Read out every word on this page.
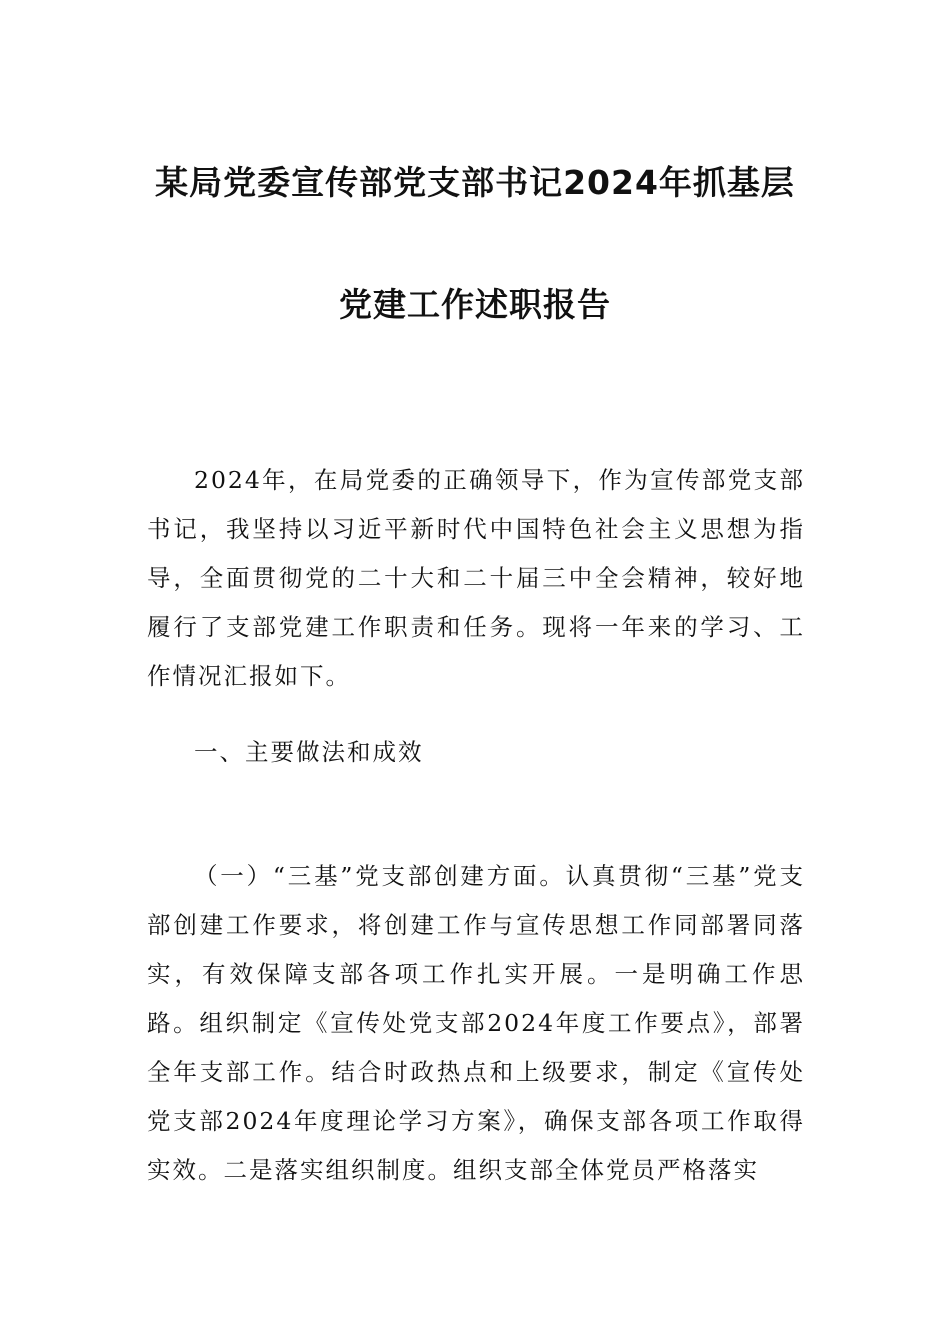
某局党委宣传部党支部书记2024年抓基层
党建工作述职报告

2024年，在局党委的正确领导下，作为宣传部党支部书记，我坚持以习近平新时代中国特色社会主义思想为指导，全面贯彻党的二十大和二十届三中全会精神，较好地履行了支部党建工作职责和任务。现将一年来的学习、工作情况汇报如下。

一、主要做法和成效

（一）“三基”党支部创建方面。认真贯彻“三基”党支部创建工作要求，将创建工作与宣传思想工作同部署同落实，有效保障支部各项工作扎实开展。一是明确工作思路。组织制定《宣传处党支部2024年度工作要点》，部署全年支部工作。结合时政热点和上级要求，制定《宣传处党支部2024年度理论学习方案》，确保支部各项工作取得实效。二是落实组织制度。组织支部全体党员严格落实
